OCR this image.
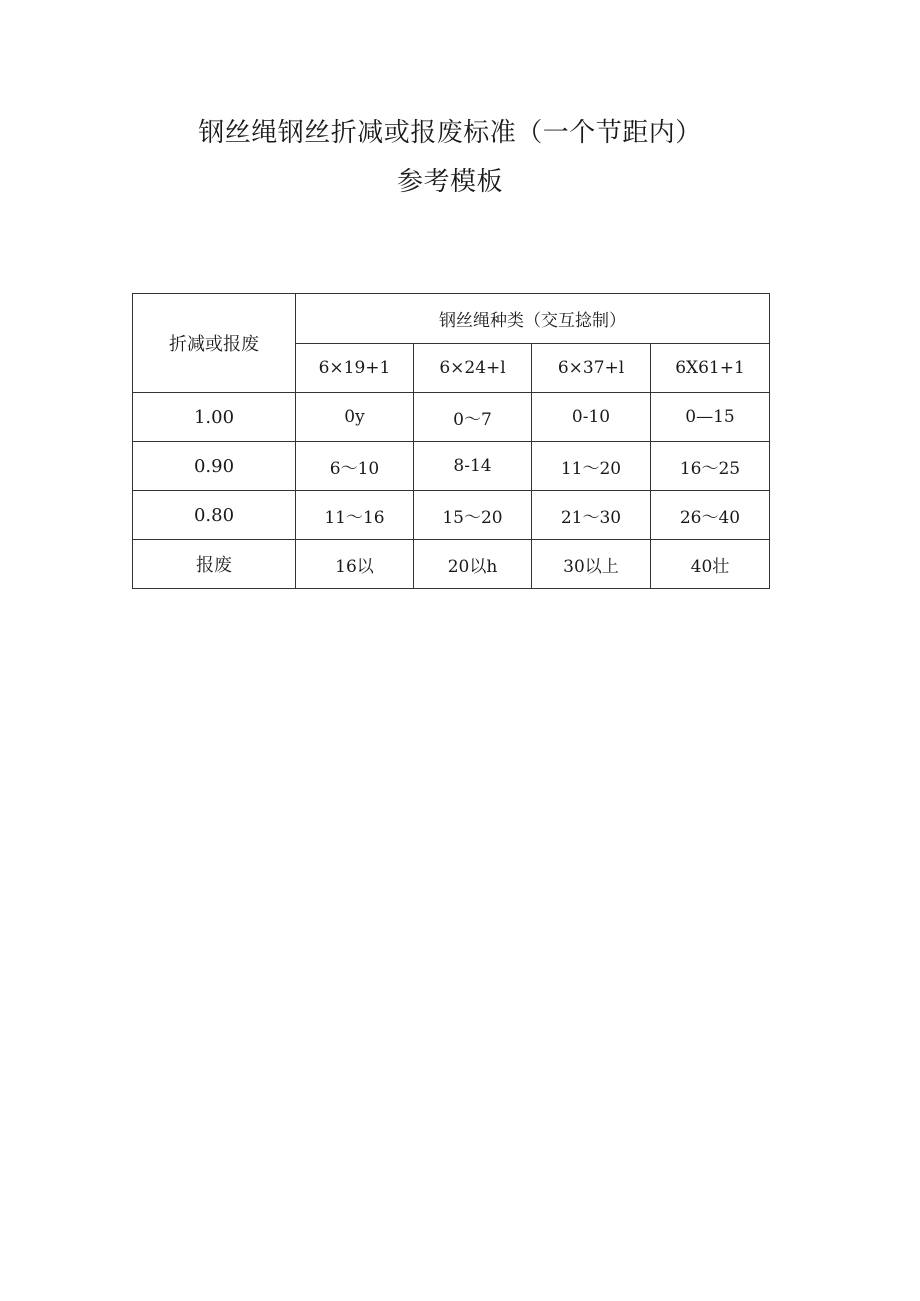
钢丝绳钢丝折减或报废标准（一个节距内）
参考模板
折减或报废	钢丝绳种类（交互捻制）			
	6×19+1	6×24+l	6×37+l	6X61+1
1.00	0y	0～7	0-10	0—15
0.90	6～10	8-14	11～20	16～25
0.80	11～16	15～20	21～30	26～40
报废	16以	20以h	30以上	40壮
